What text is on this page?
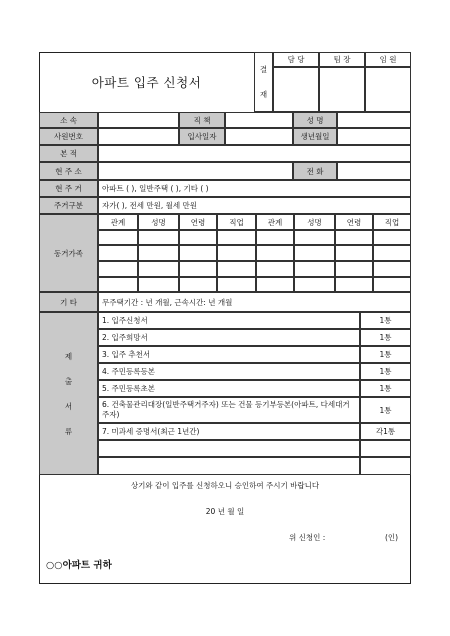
아파트 입주 신청서
결
재
담 당	팀 장	임 원
소 속	직 책	성 명
사원번호	입사일자	생년월일
본 적
현 주 소	전 화
현 주 거	아파트 ( ), 일반주택 ( ), 기타 ( )
주거구분	자가( ), 전세 만원, 월세 만원
동거가족
관계	성명	연령	직업	관계	성명	연령	직업
기 타	무주택기간 : 년 개월, 근속시간: 년 개월
제
출
서
류
1. 입주신청서	1통
2. 입주희망서	1통
3. 입주 추천서	1통
4. 주민등록등본	1통
5. 주민등록초본	1통
6. 건축물관리대장(일반주택거주자) 또는 건물 등기부등본(아파트, 다세대거주자)	1통
7. 미과세 증명서(최근 1년간)	각1통
상기와 같이 입주를 신청하오니 승인하여 주시기 바랍니다
20 년 월 일
위 신청인 :	(인)
○○아파트 귀하
